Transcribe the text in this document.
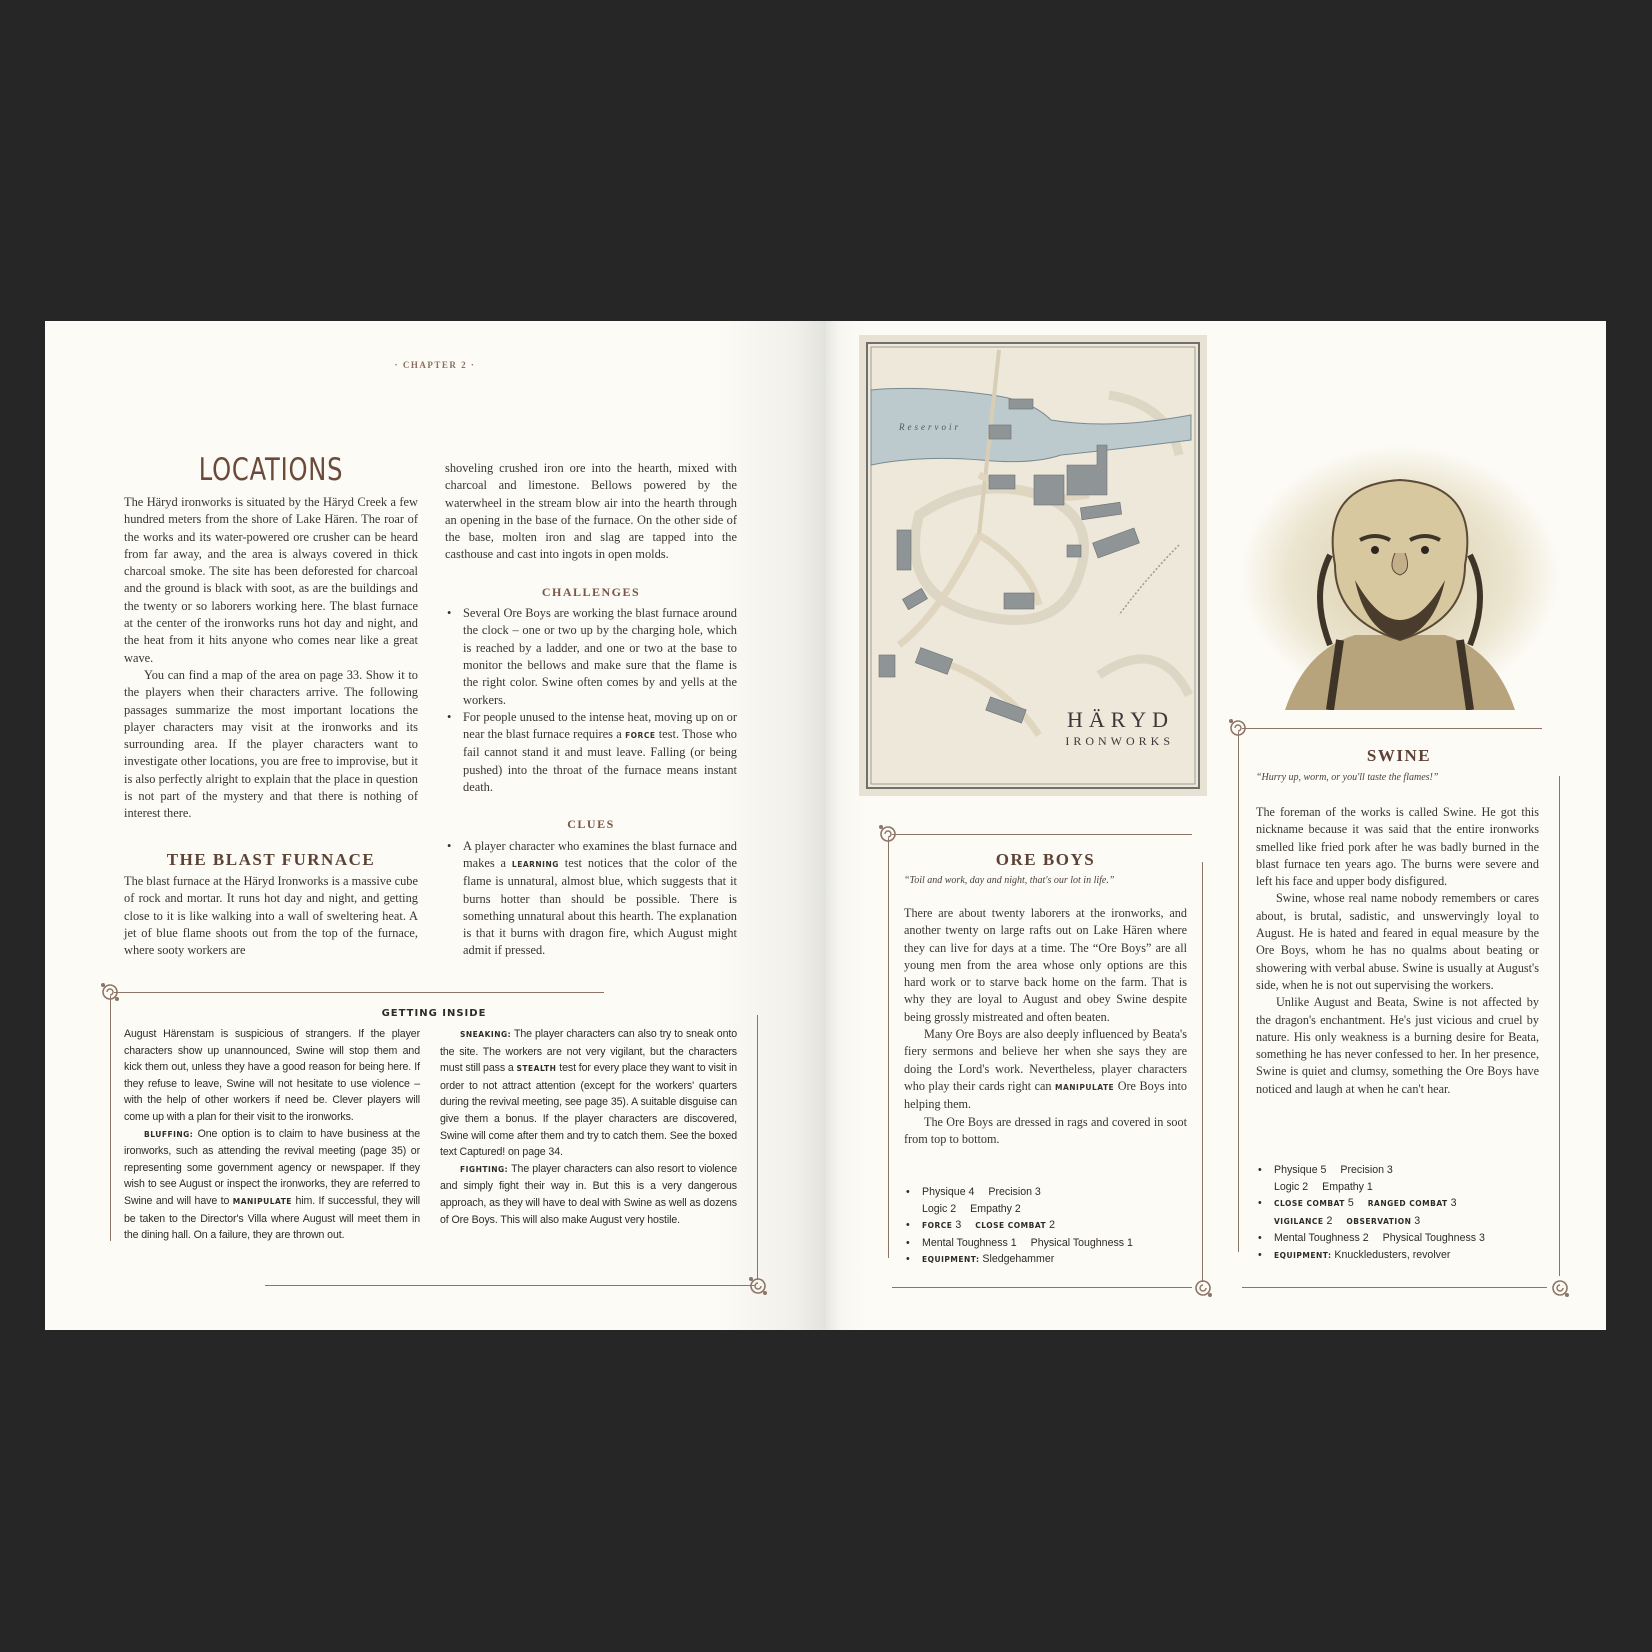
· CHAPTER 2 ·
LOCATIONS

The Häryd ironworks is situated by the Häryd Creek a few hundred meters from the shore of Lake Hären. The roar of the works and its water-powered ore crusher can be heard from far away, and the area is always covered in thick charcoal smoke. The site has been deforested for charcoal and the ground is black with soot, as are the buildings and the twenty or so laborers working here. The blast furnace at the center of the ironworks runs hot day and night, and the heat from it hits anyone who comes near like a great wave.

You can find a map of the area on page 33. Show it to the players when their characters arrive. The following passages summarize the most important locations the player characters may visit at the ironworks and its surrounding area. If the player characters want to investigate other locations, you are free to improvise, but it is also perfectly alright to explain that the place in question is not part of the mystery and that there is nothing of interest there.

THE BLAST FURNACE

The blast furnace at the Häryd Ironworks is a massive cube of rock and mortar. It runs hot day and night, and getting close to it is like walking into a wall of sweltering heat. A jet of blue flame shoots out from the top of the furnace, where sooty workers are

shoveling crushed iron ore into the hearth, mixed with charcoal and limestone. Bellows powered by the waterwheel in the stream blow air into the hearth through an opening in the base of the furnace. On the other side of the base, molten iron and slag are tapped into the casthouse and cast into ingots in open molds.

CHALLENGES
• Several Ore Boys are working the blast furnace around the clock – one or two up by the charging hole, which is reached by a ladder, and one or two at the base to monitor the bellows and make sure that the flame is the right color. Swine often comes by and yells at the workers.
• For people unused to the intense heat, moving up on or near the blast furnace requires a FORCE test. Those who fail cannot stand it and must leave. Falling (or being pushed) into the throat of the furnace means instant death.
CLUES
• A player character who examines the blast furnace and makes a LEARNING test notices that the color of the flame is unnatural, almost blue, which suggests that it burns hotter than should be possible. There is something unnatural about this hearth. The explanation is that it burns with dragon fire, which August might admit if pressed.
GETTING INSIDE

August Härenstam is suspicious of strangers. If the player characters show up unannounced, Swine will stop them and kick them out, unless they have a good reason for being here. If they refuse to leave, Swine will not hesitate to use violence – with the help of other workers if need be. Clever players will come up with a plan for their visit to the ironworks.

BLUFFING: One option is to claim to have business at the ironworks, such as attending the revival meeting (page 35) or representing some government agency or newspaper. If they wish to see August or inspect the ironworks, they are referred to Swine and will have to MANIPULATE him. If successful, they will be taken to the Director's Villa where August will meet them in the dining hall. On a failure, they are thrown out.

SNEAKING: The player characters can also try to sneak onto the site. The workers are not very vigilant, but the characters must still pass a STEALTH test for every place they want to visit in order to not attract attention (except for the workers' quarters during the revival meeting, see page 35). A suitable disguise can give them a bonus. If the player characters are discovered, Swine will come after them and try to catch them. See the boxed text Captured! on page 34.

FIGHTING: The player characters can also resort to violence and simply fight their way in. But this is a very dangerous approach, as they will have to deal with Swine as well as dozens of Ore Boys. This will also make August very hostile.

Reservoir
HÄRYD
IRONWORKS
ORE BOYS
“Toil and work, day and night, that's our lot in life.”

There are about twenty laborers at the ironworks, and another twenty on large rafts out on Lake Hären where they can live for days at a time. The “Ore Boys” are all young men from the area whose only options are this hard work or to starve back home on the farm. That is why they are loyal to August and obey Swine despite being grossly mistreated and often beaten.

Many Ore Boys are also deeply influenced by Beata's fiery sermons and believe her when she says they are doing the Lord's work. Nevertheless, player characters who play their cards right can MANIPULATE Ore Boys into helping them.

The Ore Boys are dressed in rags and covered in soot from top to bottom.

• Physique 4 Precision 3
Logic 2 Empathy 2
• FORCE 3 CLOSE COMBAT 2
• Mental Toughness 1 Physical Toughness 1
• EQUIPMENT: Sledgehammer
SWINE
“Hurry up, worm, or you'll taste the flames!”

The foreman of the works is called Swine. He got this nickname because it was said that the entire ironworks smelled like fried pork after he was badly burned in the blast furnace ten years ago. The burns were severe and left his face and upper body disfigured.

Swine, whose real name nobody remembers or cares about, is brutal, sadistic, and unswervingly loyal to August. He is hated and feared in equal measure by the Ore Boys, whom he has no qualms about beating or showering with verbal abuse. Swine is usually at August's side, when he is not out supervising the workers.

Unlike August and Beata, Swine is not affected by the dragon's enchantment. He's just vicious and cruel by nature. His only weakness is a burning desire for Beata, something he has never confessed to her. In her presence, Swine is quiet and clumsy, something the Ore Boys have noticed and laugh at when he can't hear.

• Physique 5 Precision 3
Logic 2 Empathy 1
• CLOSE COMBAT 5 RANGED COMBAT 3
VIGILANCE 2 OBSERVATION 3
• Mental Toughness 2 Physical Toughness 3
• EQUIPMENT: Knuckledusters, revolver
